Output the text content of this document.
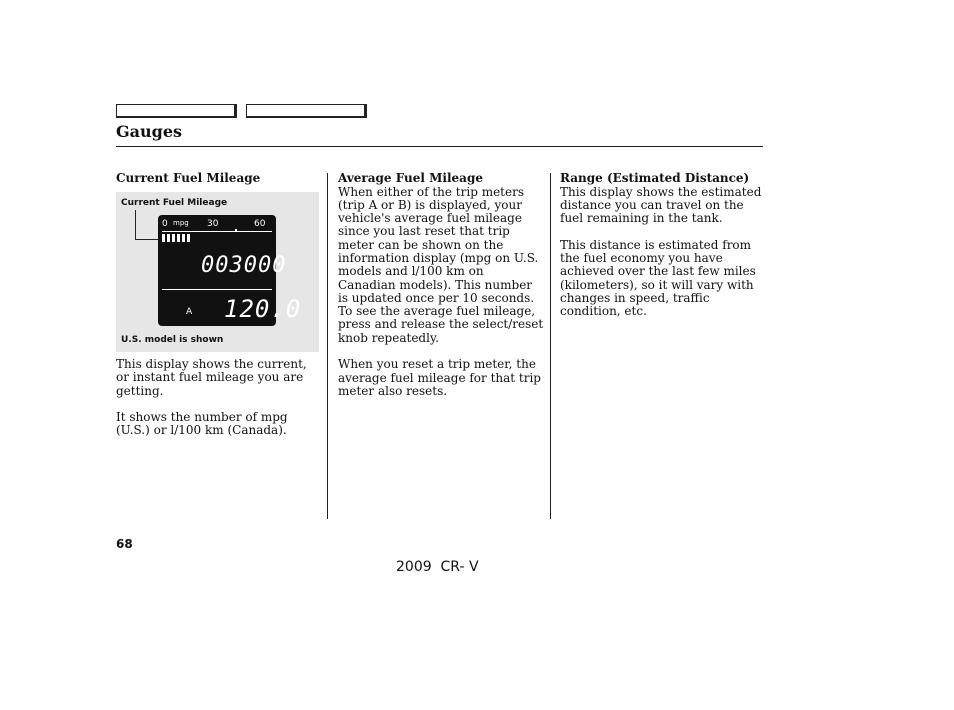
Gauges

Current Fuel Mileage

Current Fuel Mileage
0 mpg 30	60
003000
A 120.0
U.S. model is shown

This display shows the current, or instant fuel mileage you are getting.

It shows the number of mpg (U.S.) or l/100 km (Canada).

Average Fuel Mileage

When either of the trip meters (trip A or B) is displayed, your vehicle's average fuel mileage since you last reset that trip meter can be shown on the information display (mpg on U.S. models and l/100 km on Canadian models). This number is updated once per 10 seconds. To see the average fuel mileage, press and release the select/reset knob repeatedly.

When you reset a trip meter, the average fuel mileage for that trip meter also resets.

Range (Estimated Distance)

This display shows the estimated distance you can travel on the fuel remaining in the tank.

This distance is estimated from the fuel economy you have achieved over the last few miles (kilometers), so it will vary with changes in speed, traffic condition, etc.

68
2009  CR- V
